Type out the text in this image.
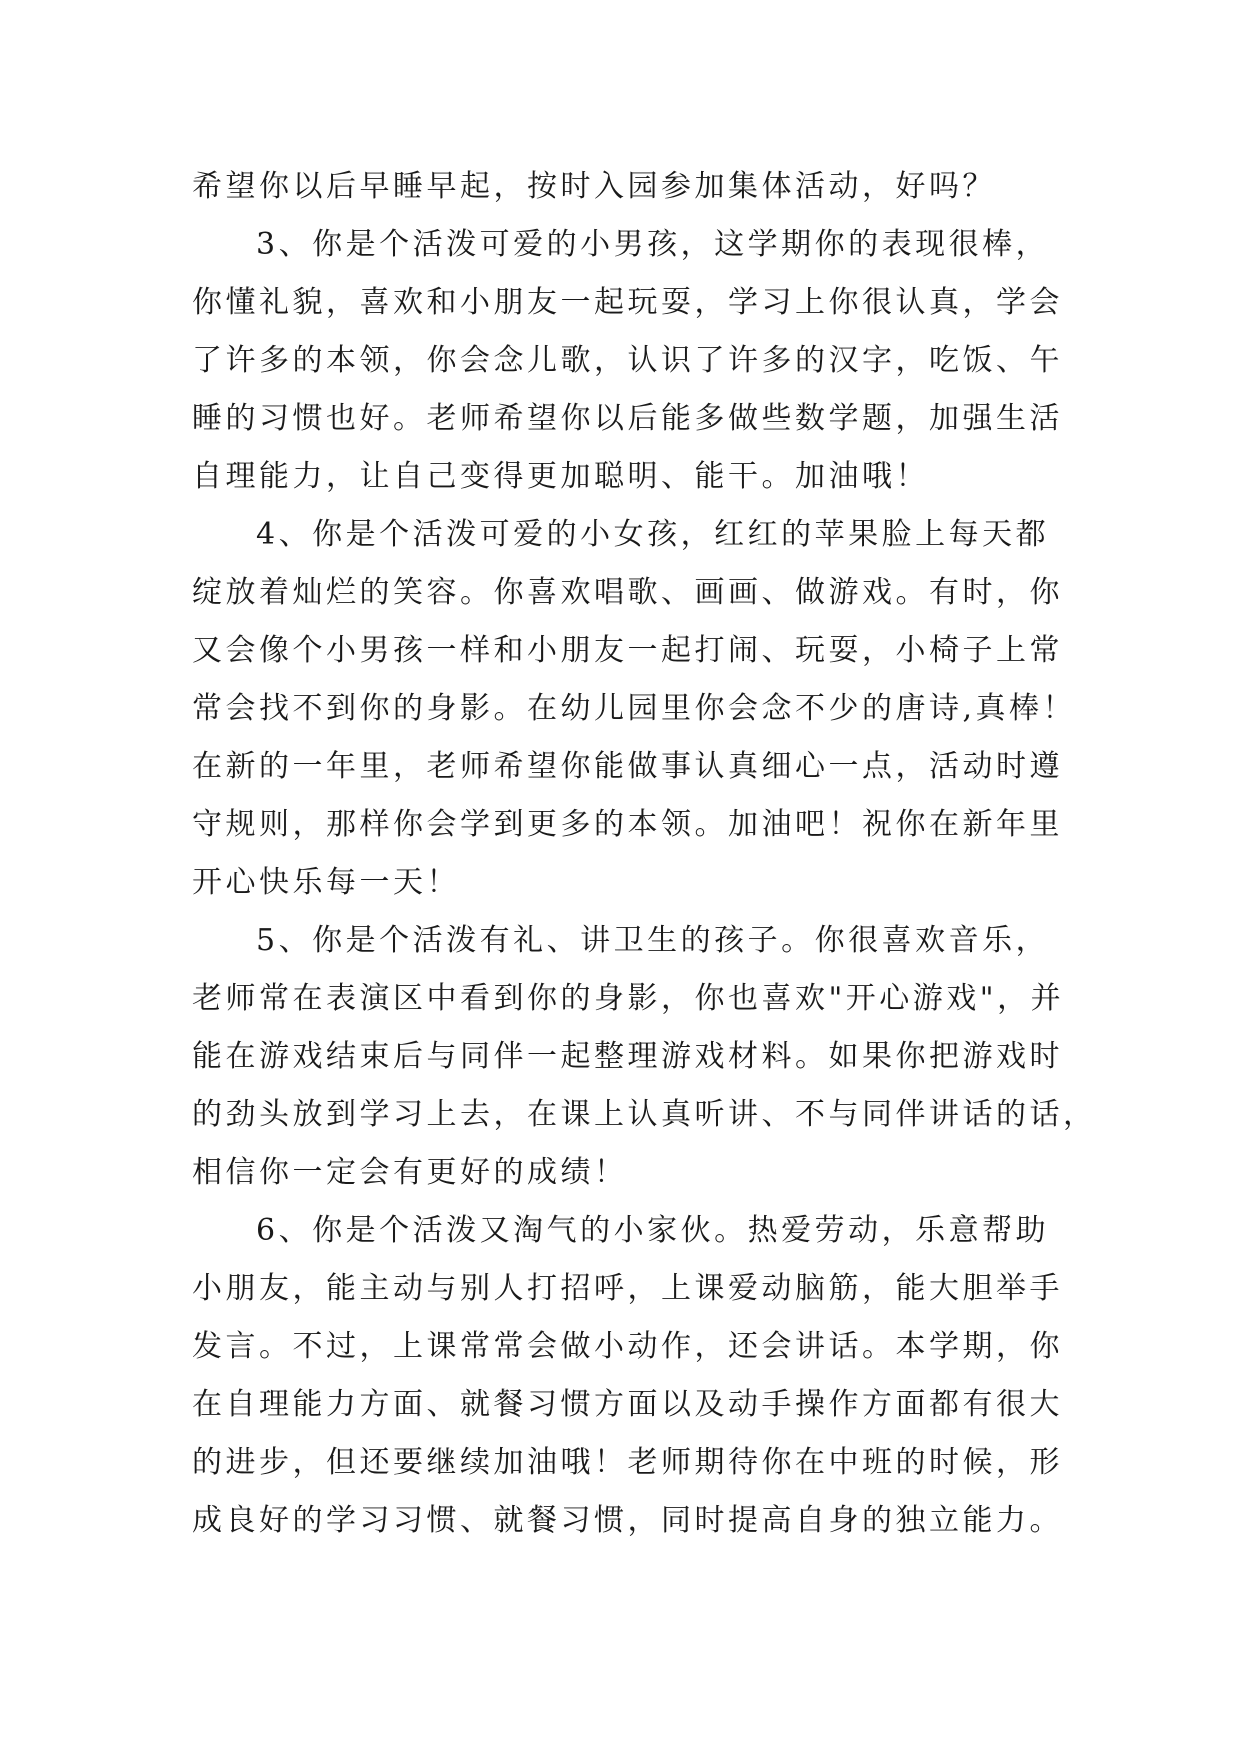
希望你以后早睡早起，按时入园参加集体活动，好吗？
3、你是个活泼可爱的小男孩，这学期你的表现很棒，
你懂礼貌，喜欢和小朋友一起玩耍，学习上你很认真，学会
了许多的本领，你会念儿歌，认识了许多的汉字，吃饭、午
睡的习惯也好。老师希望你以后能多做些数学题，加强生活
自理能力，让自己变得更加聪明、能干。加油哦！
4、你是个活泼可爱的小女孩，红红的苹果脸上每天都
绽放着灿烂的笑容。你喜欢唱歌、画画、做游戏。有时，你
又会像个小男孩一样和小朋友一起打闹、玩耍，小椅子上常
常会找不到你的身影。在幼儿园里你会念不少的唐诗,真棒！
在新的一年里，老师希望你能做事认真细心一点，活动时遵
守规则，那样你会学到更多的本领。加油吧！祝你在新年里
开心快乐每一天！
5、你是个活泼有礼、讲卫生的孩子。你很喜欢音乐，
老师常在表演区中看到你的身影，你也喜欢"开心游戏"，并
能在游戏结束后与同伴一起整理游戏材料。如果你把游戏时
的劲头放到学习上去，在课上认真听讲、不与同伴讲话的话，
相信你一定会有更好的成绩！
6、你是个活泼又淘气的小家伙。热爱劳动，乐意帮助
小朋友，能主动与别人打招呼，上课爱动脑筋，能大胆举手
发言。不过，上课常常会做小动作，还会讲话。本学期，你
在自理能力方面、就餐习惯方面以及动手操作方面都有很大
的进步，但还要继续加油哦！老师期待你在中班的时候，形
成良好的学习习惯、就餐习惯，同时提高自身的独立能力。
